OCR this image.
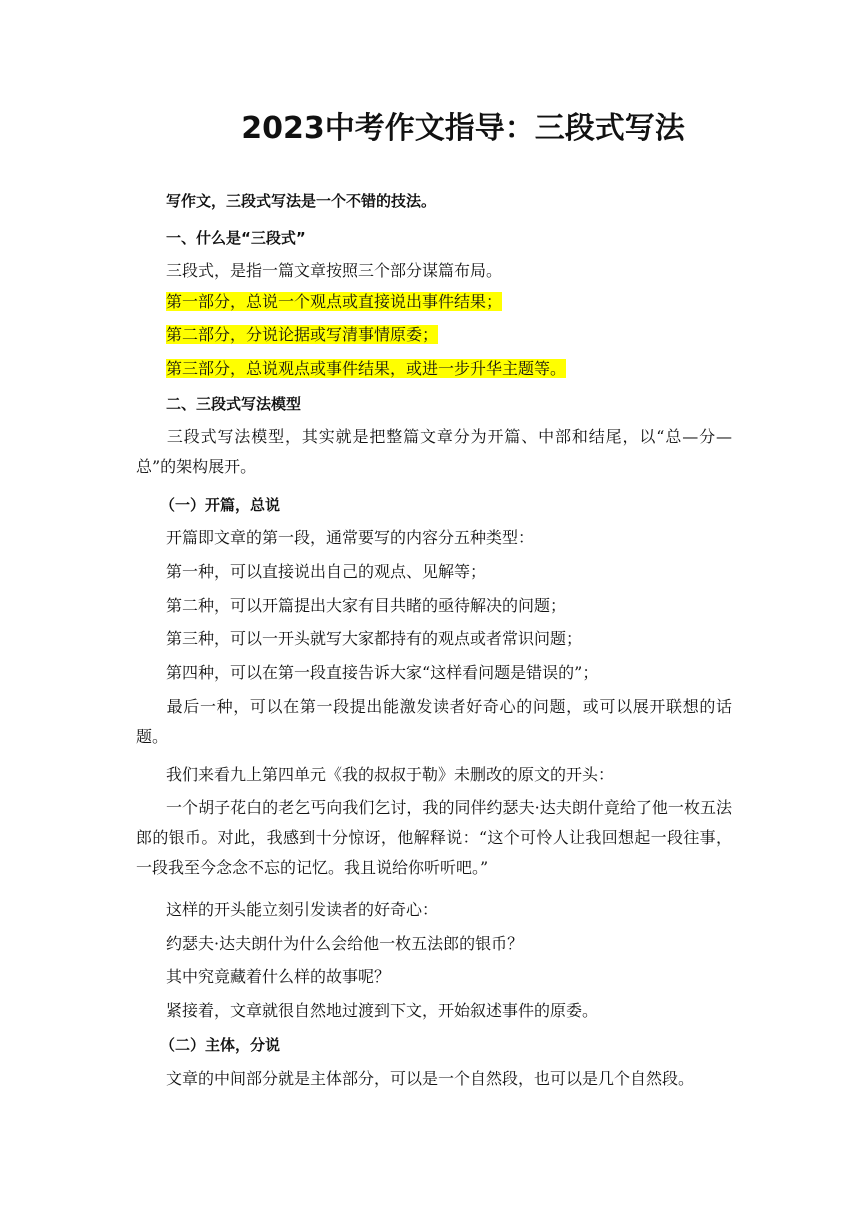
2023中考作文指导：三段式写法
写作文，三段式写法是一个不错的技法。
一、什么是“三段式”
三段式，是指一篇文章按照三个部分谋篇布局。
第一部分，总说一个观点或直接说出事件结果；
第二部分，分说论据或写清事情原委；
第三部分，总说观点或事件结果，或进一步升华主题等。
二、三段式写法模型
三段式写法模型，其实就是把整篇文章分为开篇、中部和结尾，以“总—分—总”的架构展开。
（一）开篇，总说
开篇即文章的第一段，通常要写的内容分五种类型：
第一种，可以直接说出自己的观点、见解等；
第二种，可以开篇提出大家有目共睹的亟待解决的问题；
第三种，可以一开头就写大家都持有的观点或者常识问题；
第四种，可以在第一段直接告诉大家“这样看问题是错误的”；
最后一种，可以在第一段提出能激发读者好奇心的问题，或可以展开联想的话题。
我们来看九上第四单元《我的叔叔于勒》未删改的原文的开头：
一个胡子花白的老乞丐向我们乞讨，我的同伴约瑟夫·达夫朗什竟给了他一枚五法郎的银币。对此，我感到十分惊讶，他解释说：“这个可怜人让我回想起一段往事，一段我至今念念不忘的记忆。我且说给你听听吧。”
这样的开头能立刻引发读者的好奇心：
约瑟夫·达夫朗什为什么会给他一枚五法郎的银币？
其中究竟藏着什么样的故事呢？
紧接着，文章就很自然地过渡到下文，开始叙述事件的原委。
（二）主体，分说
文章的中间部分就是主体部分，可以是一个自然段，也可以是几个自然段。
